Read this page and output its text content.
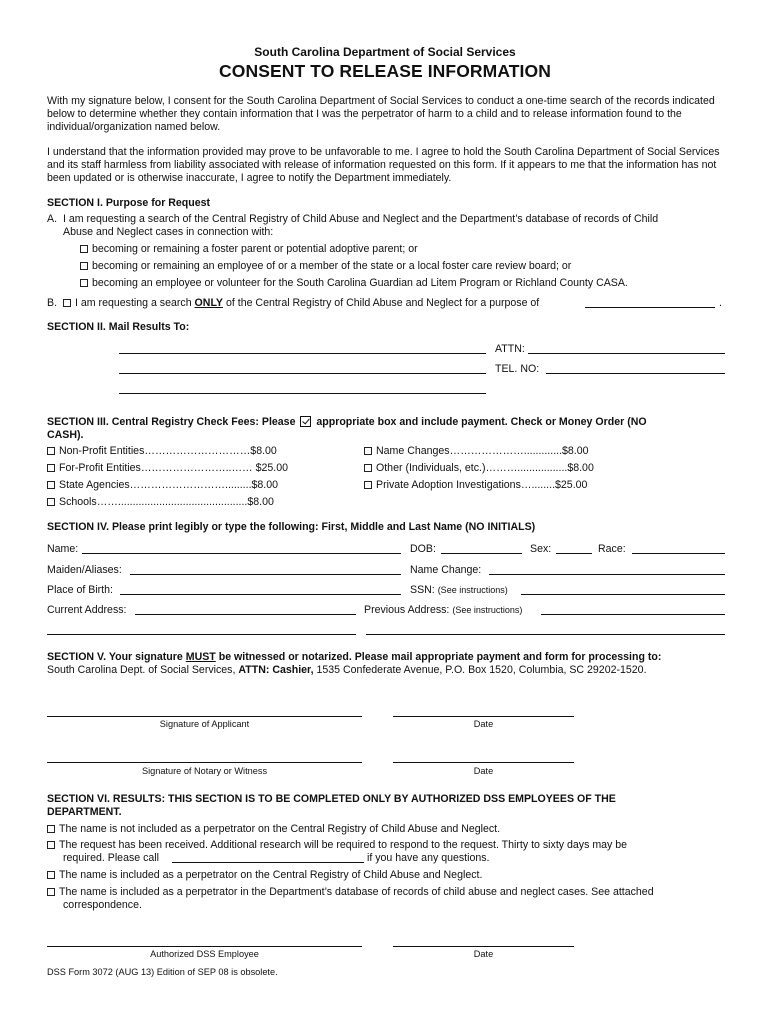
South Carolina Department of Social Services
CONSENT TO RELEASE INFORMATION
With my signature below, I consent for the South Carolina Department of Social Services to conduct a one-time search of the records indicated below to determine whether they contain information that I was the perpetrator of harm to a child and to release information found to the individual/organization named below.
I understand that the information provided may prove to be unfavorable to me. I agree to hold the South Carolina Department of Social Services and its staff harmless from liability associated with release of information requested on this form. If it appears to me that the information has not been updated or is otherwise inaccurate, I agree to notify the Department immediately.
SECTION I. Purpose for Request
A. I am requesting a search of the Central Registry of Child Abuse and Neglect and the Department’s database of records of Child
Abuse and Neglect cases in connection with:
becoming or remaining a foster parent or potential adoptive parent; or
becoming or remaining an employee of or a member of the state or a local foster care review board; or
becoming an employee or volunteer for the South Carolina Guardian ad Litem Program or Richland County CASA.
B.	I am requesting a search ONLY of the Central Registry of Child Abuse and Neglect for a purpose of	.
SECTION II. Mail Results To:
ATTN:
TEL. NO:
SECTION III. Central Registry Check Fees: Please appropriate box and include payment. Check or Money Order (NO
CASH).
Non-Profit Entities…………………………$8.00
For-Profit Entities……………………..…… $25.00
State Agencies……………………….........$8.00
Schools……............................................$8.00
Name Changes………………….............$8.00
Other (Individuals, etc.)……….................$8.00
Private Adoption Investigations…........$25.00
SECTION IV. Please print legibly or type the following: First, Middle and Last Name (NO INITIALS)
Name:	DOB:	Sex:	Race:
Maiden/Aliases:	Name Change:
Place of Birth:	SSN: (See instructions)
Current Address:	Previous Address: (See instructions)
SECTION V. Your signature MUST be witnessed or notarized. Please mail appropriate payment and form for processing to:
South Carolina Dept. of Social Services, ATTN: Cashier, 1535 Confederate Avenue, P.O. Box 1520, Columbia, SC 29202-1520.
Signature of Applicant	Date
Signature of Notary or Witness	Date
SECTION VI. RESULTS: THIS SECTION IS TO BE COMPLETED ONLY BY AUTHORIZED DSS EMPLOYEES OF THE
DEPARTMENT.
The name is not included as a perpetrator on the Central Registry of Child Abuse and Neglect.
The request has been received. Additional research will be required to respond to the request. Thirty to sixty days may be
required. Please call	if you have any questions.
The name is included as a perpetrator on the Central Registry of Child Abuse and Neglect.
The name is included as a perpetrator in the Department’s database of records of child abuse and neglect cases. See attached
correspondence.
Authorized DSS Employee	Date
DSS Form 3072 (AUG 13) Edition of SEP 08 is obsolete.
